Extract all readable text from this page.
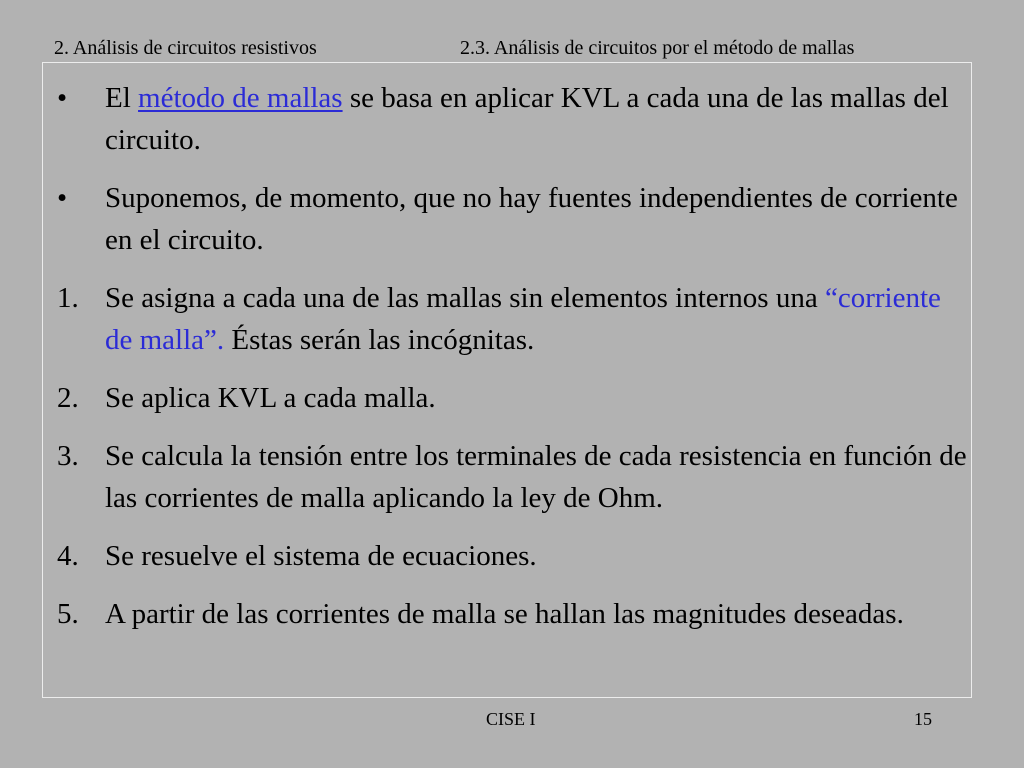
2. Análisis de circuitos resistivos	2.3. Análisis de circuitos por el método de mallas
•	El método de mallas se basa en aplicar KVL a cada una de las mallas del circuito.
•	Suponemos, de momento, que no hay fuentes independientes de corriente en el circuito.
1. Se asigna a cada una de las mallas sin elementos internos una “corriente de malla”. Éstas serán las incógnitas.
2. Se aplica KVL a cada malla.
3. Se calcula la tensión entre los terminales de cada resistencia en función de las corrientes de malla aplicando la ley de Ohm.
4. Se resuelve el sistema de ecuaciones.
5. A partir de las corrientes de malla se hallan las magnitudes deseadas.
CISE I	15
